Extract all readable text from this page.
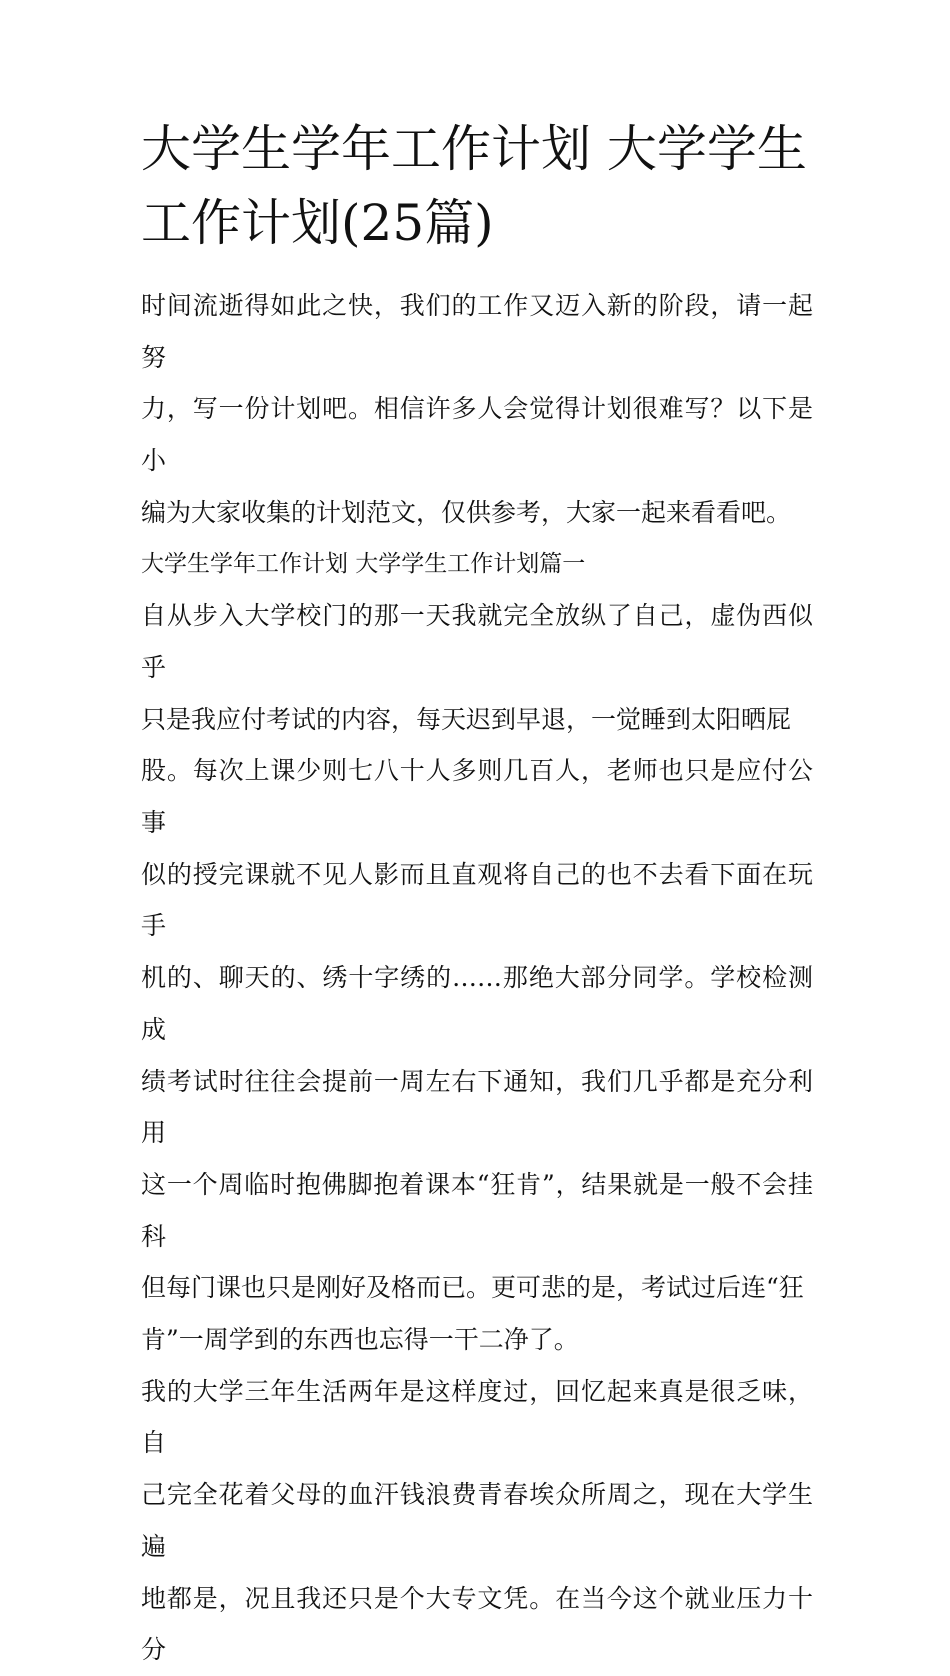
大学生学年工作计划 大学学生工作计划(25篇)

时间流逝得如此之快，我们的工作又迈入新的阶段，请一起努

力，写一份计划吧。相信许多人会觉得计划很难写？以下是小

编为大家收集的计划范文，仅供参考，大家一起来看看吧。

大学生学年工作计划 大学学生工作计划篇一

自从步入大学校门的那一天我就完全放纵了自己，虚伪西似乎

只是我应付考试的内容，每天迟到早退，一觉睡到太阳晒屁

股。每次上课少则七八十人多则几百人，老师也只是应付公事

似的授完课就不见人影而且直观将自己的也不去看下面在玩手

机的、聊天的、绣十字绣的……那绝大部分同学。学校检测成

绩考试时往往会提前一周左右下通知，我们几乎都是充分利用

这一个周临时抱佛脚抱着课本“狂肯”，结果就是一般不会挂科

但每门课也只是刚好及格而已。更可悲的是，考试过后连“狂

肯”一周学到的东西也忘得一干二净了。

我的大学三年生活两年是这样度过，回忆起来真是很乏味，自

己完全花着父母的血汗钱浪费青春埃众所周之，现在大学生遍

地都是，况且我还只是个大专文凭。在当今这个就业压力十分
